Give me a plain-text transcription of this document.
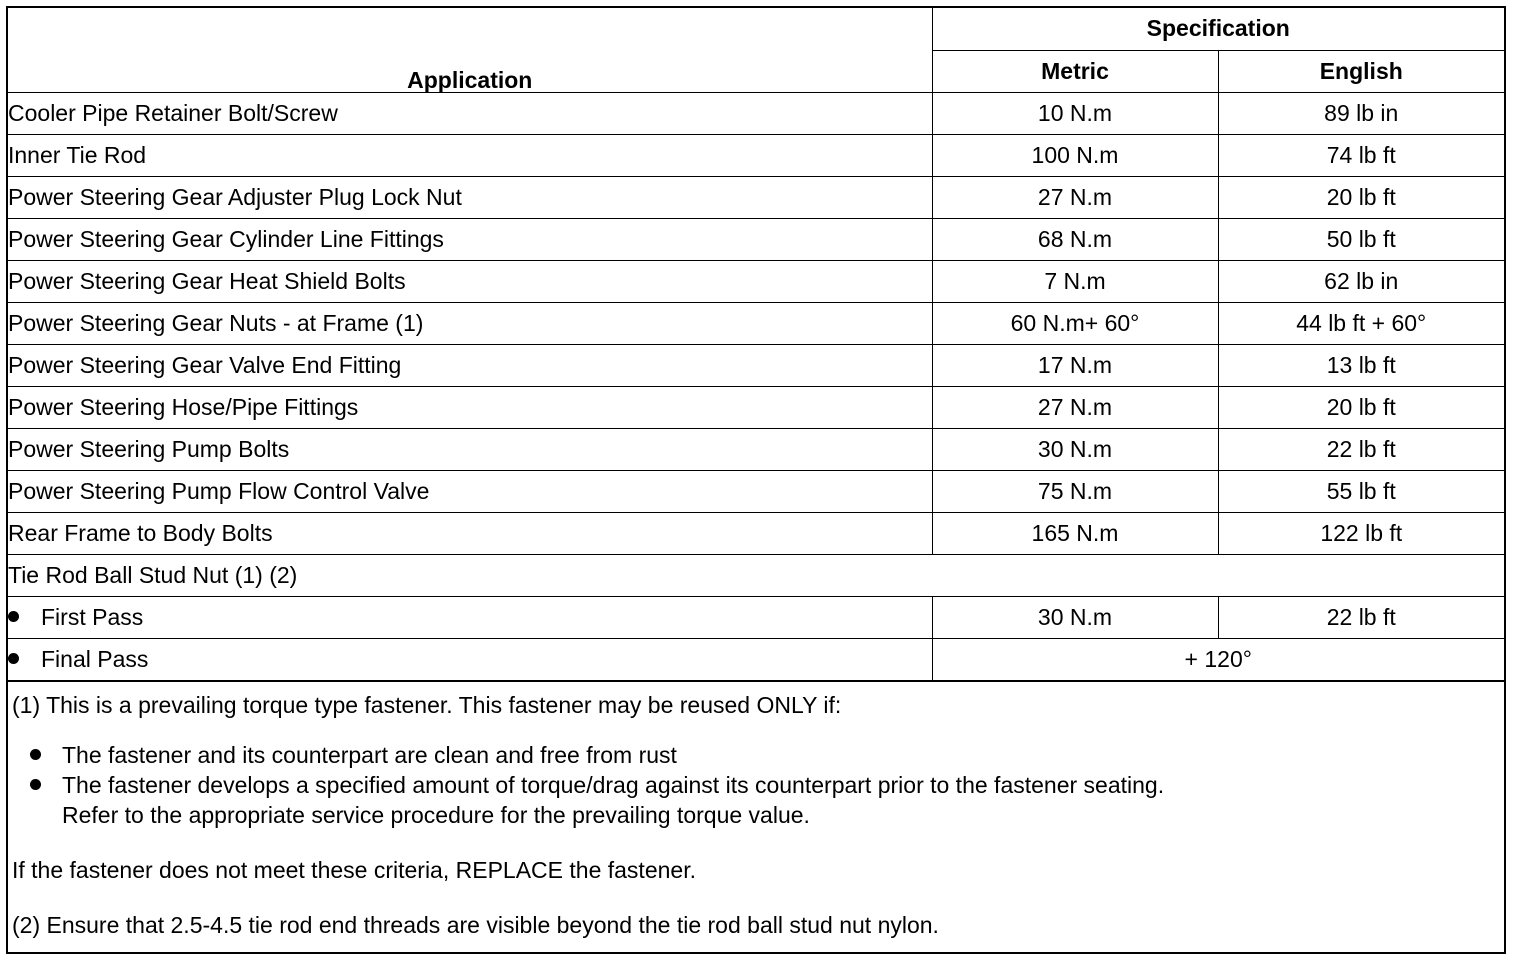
Application	Specification	
	Metric	English
Cooler Pipe Retainer Bolt/Screw	10 N.m	89 lb in
Inner Tie Rod	100 N.m	74 lb ft
Power Steering Gear Adjuster Plug Lock Nut	27 N.m	20 lb ft
Power Steering Gear Cylinder Line Fittings	68 N.m	50 lb ft
Power Steering Gear Heat Shield Bolts	7 N.m	62 lb in
Power Steering Gear Nuts - at Frame (1)	60 N.m+ 60°	44 lb ft + 60°
Power Steering Gear Valve End Fitting	17 N.m	13 lb ft
Power Steering Hose/Pipe Fittings	27 N.m	20 lb ft
Power Steering Pump Bolts	30 N.m	22 lb ft
Power Steering Pump Flow Control Valve	75 N.m	55 lb ft
Rear Frame to Body Bolts	165 N.m	122 lb ft
Tie Rod Ball Stud Nut (1) (2)		
First Pass	30 N.m	22 lb ft
Final Pass	+ 120°	

(1) This is a prevailing torque type fastener. This fastener may be reused ONLY if:

The fastener and its counterpart are clean and free from rust
The fastener develops a specified amount of torque/drag against its counterpart prior to the fastener seating.
Refer to the appropriate service procedure for the prevailing torque value.

If the fastener does not meet these criteria, REPLACE the fastener.

(2) Ensure that 2.5-4.5 tie rod end threads are visible beyond the tie rod ball stud nut nylon.
